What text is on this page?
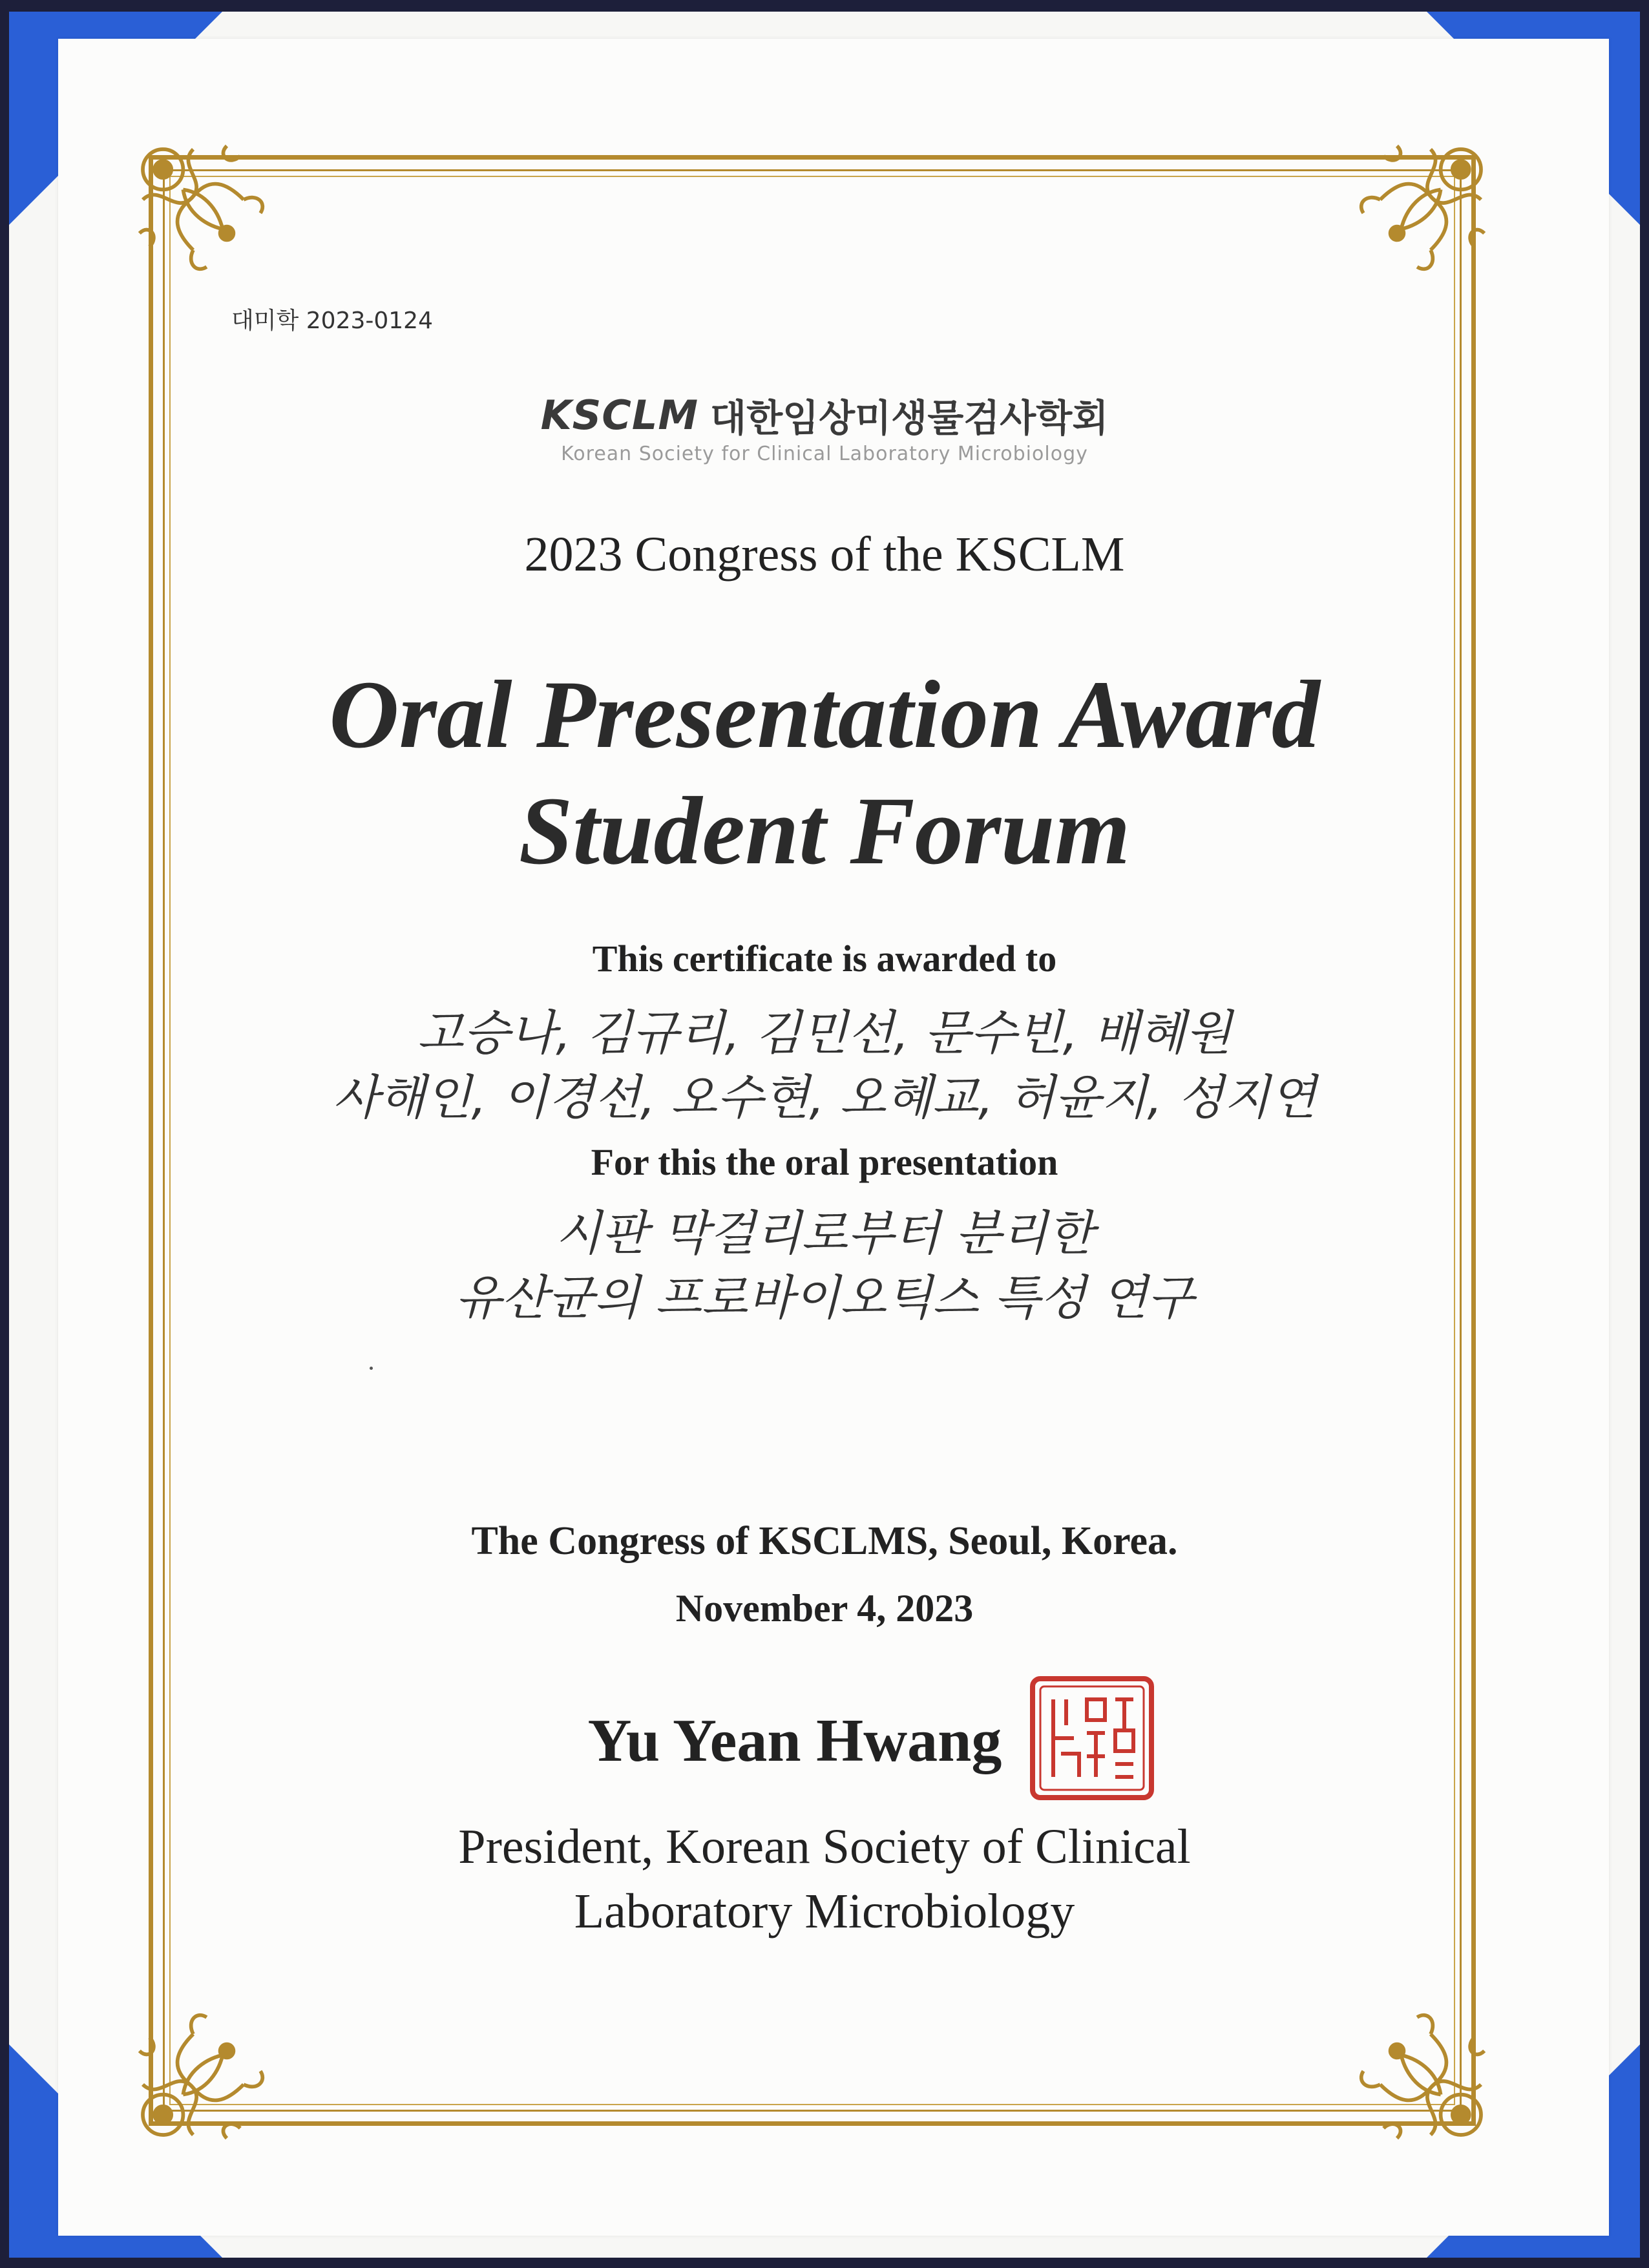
대미학 2023-0124
KSCLM 대한임상미생물검사학회
Korean Society for Clinical Laboratory Microbiology
2023 Congress of the KSCLM
Oral Presentation Award
Student Forum
This certificate is awarded to
고승나, 김규리, 김민선, 문수빈, 배혜원
사해인, 이경선, 오수현, 오혜교, 허윤지, 성지연
For this the oral presentation
시판 막걸리로부터 분리한
유산균의 프로바이오틱스 특성 연구
The Congress of KSCLMS, Seoul, Korea.
November 4, 2023
Yu Yean Hwang
President, Korean Society of Clinical
Laboratory Microbiology
